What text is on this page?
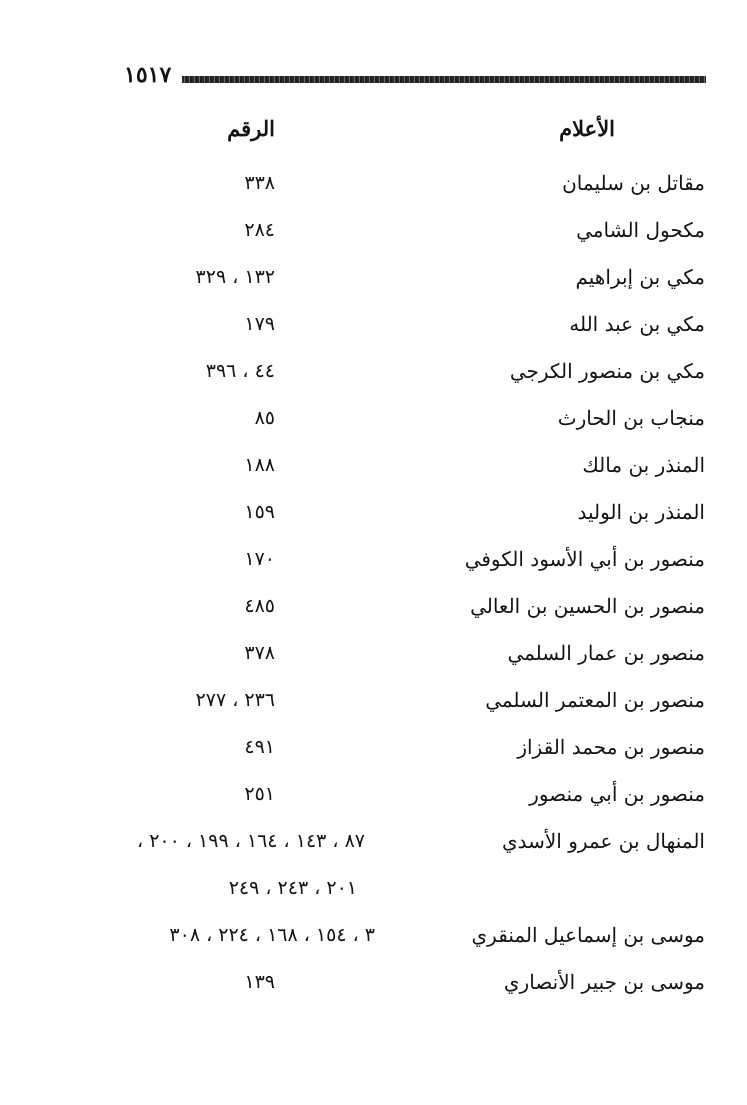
١٥١٧
الأعلام
الرقم
مقاتل بن سليمان
٣٣٨
مكحول الشامي
٢٨٤
مكي بن إبراهيم
١٣٢ ، ٣٢٩
مكي بن عبد الله
١٧٩
مكي بن منصور الكرجي
٤٤ ، ٣٩٦
منجاب بن الحارث
٨٥
المنذر بن مالك
١٨٨
المنذر بن الوليد
١٥٩
منصور بن أبي الأسود الكوفي
١٧٠
منصور بن الحسين بن العالي
٤٨٥
منصور بن عمار السلمي
٣٧٨
منصور بن المعتمر السلمي
٢٣٦ ، ٢٧٧
منصور بن محمد القزاز
٤٩١
منصور بن أبي منصور
٢٥١
المنهال بن عمرو الأسدي
٨٧ ، ١٤٣ ، ١٦٤ ، ١٩٩ ، ٢٠٠ ،
٢٠١ ، ٢٤٣ ، ٢٤٩
موسى بن إسماعيل المنقري
٣ ، ١٥٤ ، ١٦٨ ، ٢٢٤ ، ٣٠٨
موسى بن جبير الأنصاري
١٣٩
